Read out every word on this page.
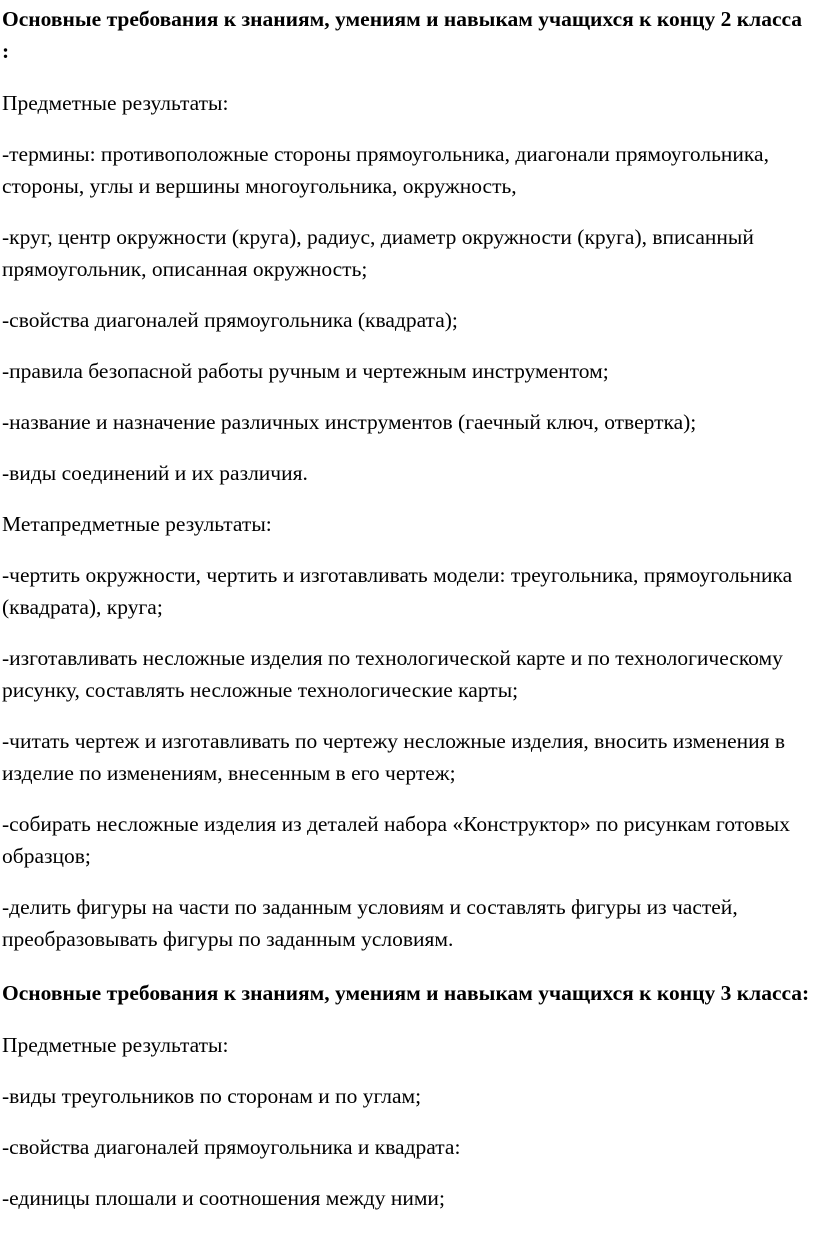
Основные требования к знаниям, умениям и навыкам учащихся к концу 2 класса :

Предметные результаты:

-термины: противоположные стороны прямоугольника, диагонали прямоугольника, стороны, углы и вершины многоугольника, окружность,

-круг, центр окружности (круга), радиус, диаметр окружности (круга), вписанный прямоугольник, описанная окружность;

-свойства диагоналей прямоугольника (квадрата);

-правила безопасной работы ручным и чертежным инструментом;

-название и назначение различных инструментов (гаечный ключ, отвертка);

-виды соединений и их различия.

Метапредметные результаты:

-чертить окружности, чертить и изготавливать модели: треугольника, прямоугольника (квадрата), круга;

-изготавливать несложные изделия по технологической карте и по технологическому рисунку, составлять несложные технологические карты;

-читать чертеж и изготавливать по чертежу несложные изделия, вносить изменения в изделие по изменениям, внесенным в его чертеж;

-собирать несложные изделия из деталей набора «Конструктор» по рисункам готовых образцов;

-делить фигуры на части по заданным условиям и составлять фигуры из частей, преобразовывать фигуры по заданным условиям.

Основные требования к знаниям, умениям и навыкам учащихся к концу 3 класса:

Предметные результаты:

-виды треугольников по сторонам и по углам;

-свойства диагоналей прямоугольника и квадрата:

-единицы плошали и соотношения между ними;
